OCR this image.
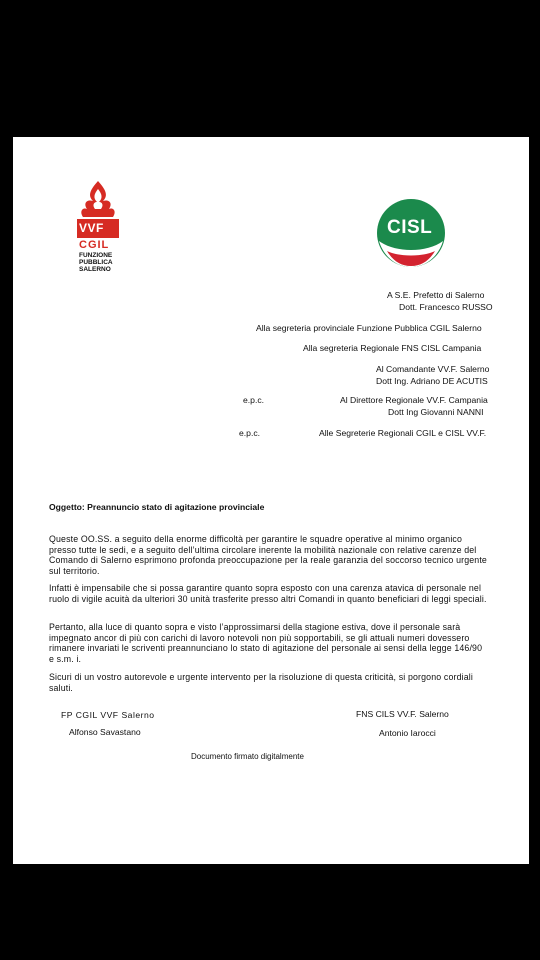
VVF
CGIL
FUNZIONE
PUBBLICA
SALERNO
CISL
A S.E. Prefetto di Salerno
Dott. Francesco RUSSO
Alla segreteria provinciale Funzione Pubblica CGIL Salerno
Alla segreteria Regionale FNS CISL Campania
Al Comandante VV.F. Salerno
Dott Ing. Adriano DE ACUTIS
e.p.c.	Al Direttore Regionale VV.F. Campania
Dott Ing Giovanni NANNI
e.p.c.	Alle Segreterie Regionali CGIL e CISL VV.F.
Oggetto: Preannuncio stato di agitazione provinciale
Queste OO.SS. a seguito della enorme difficoltà per garantire le squadre operative al minimo organico presso tutte le sedi, e a seguito dell’ultima circolare inerente la mobilità nazionale con relative carenze del Comando di Salerno esprimono profonda preoccupazione per la reale garanzia del soccorso tecnico urgente sul territorio.
Infatti è impensabile che si possa garantire quanto sopra esposto con una carenza atavica di personale nel ruolo di vigile acuità da ulteriori 30 unità trasferite presso altri Comandi in quanto beneficiari di leggi speciali.
Pertanto, alla luce di quanto sopra e visto l’approssimarsi della stagione estiva, dove il personale sarà impegnato ancor di più con carichi di lavoro notevoli non più sopportabili, se gli attuali numeri dovessero rimanere invariati le scriventi preannunciano lo stato di agitazione del personale ai sensi della legge 146/90 e s.m. i.
Sicuri di un vostro autorevole e urgente intervento per la risoluzione di questa criticità, si porgono cordiali saluti.
FP CGIL VVF Salerno
Alfonso Savastano
FNS CILS VV.F. Salerno
Antonio Iarocci
Documento firmato digitalmente
